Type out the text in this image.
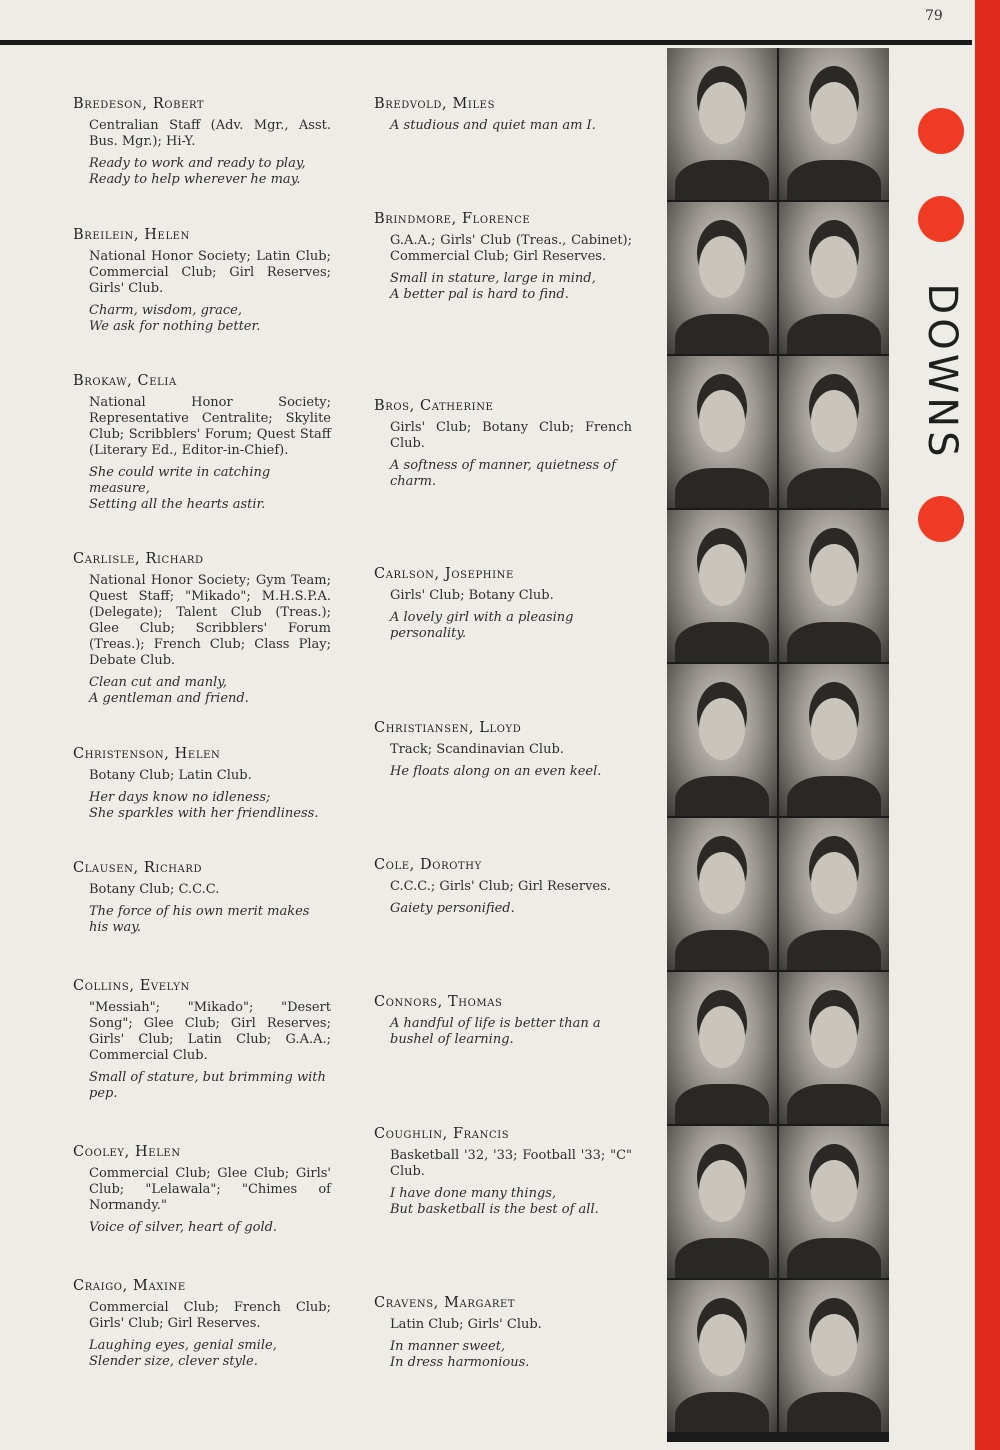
79
DOWNS
Bredeson, Robert
Centralian Staff (Adv. Mgr., Asst. Bus. Mgr.); Hi-Y.
Ready to work and ready to play,
Ready to help wherever he may.
Breilein, Helen
National Honor Society; Latin Club; Commercial Club; Girl Reserves; Girls' Club.
Charm, wisdom, grace,
We ask for nothing better.
Brokaw, Celia
National Honor Society; Representative Centralite; Skylite Club; Scribblers' Forum; Quest Staff (Literary Ed., Editor-in-Chief).
She could write in catching measure,
Setting all the hearts astir.
Carlisle, Richard
National Honor Society; Gym Team; Quest Staff; "Mikado"; M.H.S.P.A. (Delegate); Talent Club (Treas.); Glee Club; Scribblers' Forum (Treas.); French Club; Class Play; Debate Club.
Clean cut and manly,
A gentleman and friend.
Christenson, Helen
Botany Club; Latin Club.
Her days know no idleness;
She sparkles with her friendliness.
Clausen, Richard
Botany Club; C.C.C.
The force of his own merit makes his way.
Collins, Evelyn
"Messiah"; "Mikado"; "Desert Song"; Glee Club; Girl Reserves; Girls' Club; Latin Club; G.A.A.; Commercial Club.
Small of stature, but brimming with pep.
Cooley, Helen
Commercial Club; Glee Club; Girls' Club; "Lelawala"; "Chimes of Normandy."
Voice of silver, heart of gold.
Craigo, Maxine
Commercial Club; French Club; Girls' Club; Girl Reserves.
Laughing eyes, genial smile,
Slender size, clever style.
Bredvold, Miles
A studious and quiet man am I.
Brindmore, Florence
G.A.A.; Girls' Club (Treas., Cabinet); Commercial Club; Girl Reserves.
Small in stature, large in mind,
A better pal is hard to find.
Bros, Catherine
Girls' Club; Botany Club; French Club.
A softness of manner, quietness of charm.
Carlson, Josephine
Girls' Club; Botany Club.
A lovely girl with a pleasing personality.
Christiansen, Lloyd
Track; Scandinavian Club.
He floats along on an even keel.
Cole, Dorothy
C.C.C.; Girls' Club; Girl Reserves.
Gaiety personified.
Connors, Thomas
A handful of life is better than a bushel of learning.
Coughlin, Francis
Basketball '32, '33; Football '33; "C" Club.
I have done many things,
But basketball is the best of all.
Cravens, Margaret
Latin Club; Girls' Club.
In manner sweet,
In dress harmonious.
